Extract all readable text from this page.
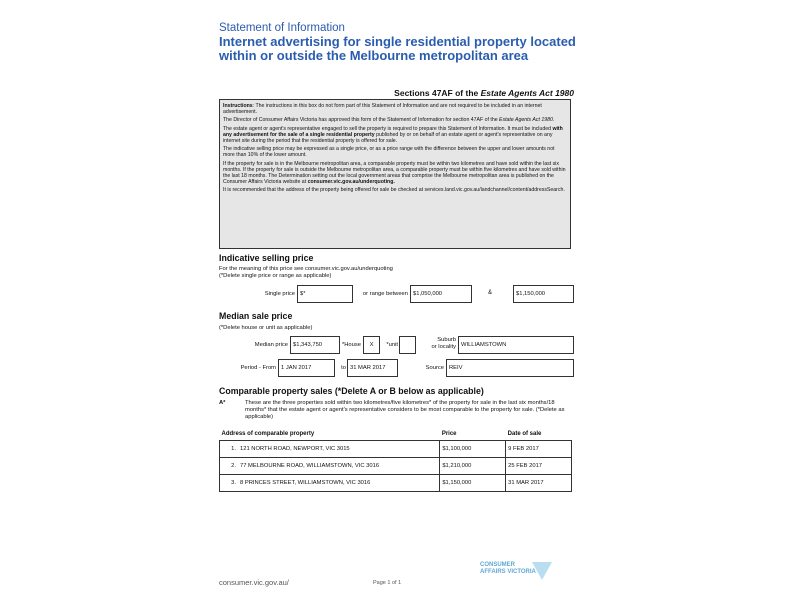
Statement of Information
Internet advertising for single residential property located within or outside the Melbourne metropolitan area
Sections 47AF of the Estate Agents Act 1980

Instructions: The instructions in this box do not form part of this Statement of Information and are not required to be included in an internet advertisement.

The Director of Consumer Affairs Victoria has approved this form of the Statement of Information for section 47AF of the Estate Agents Act 1980.

The estate agent or agent's representative engaged to sell the property is required to prepare this Statement of Information. It must be included with any advertisement for the sale of a single residential property published by or on behalf of an estate agent or agent's representative on any internet site during the period that the residential property is offered for sale.

The indicative selling price may be expressed as a single price, or as a price range with the difference between the upper and lower amounts not more than 10% of the lower amount.

If the property for sale is in the Melbourne metropolitan area, a comparable property must be within two kilometres and have sold within the last six months. If the property for sale is outside the Melbourne metropolitan area, a comparable property must be within five kilometres and have sold within the last 18 months. The Determination setting out the local government areas that comprise the Melbourne metropolitan area is published on the Consumer Affairs Victoria website at consumer.vic.gov.au/underquoting.

It is recommended that the address of the property being offered for sale be checked at services.land.vic.gov.au/landchannel/content/addressSearch.

Indicative selling price
For the meaning of this price see consumer.vic.gov.au/underquoting
(*Delete single price or range as applicable)
Single price $*	or range between $1,050,000	&	$1,150,000
Median sale price
(*Delete house or unit as applicable)
Median price $1,343,750	*House	X	*unit
Suburb
or locality WILLIAMSTOWN
Period - From 1 JAN 2017	to 31 MAR 2017	Source REIV
Comparable property sales (*Delete A or B below as applicable)
A*	These are the three properties sold within two kilometres/five kilometres* of the property for sale in the last six months/18 months* that the estate agent or agent's representative considers to be most comparable to the property for sale. (*Delete as applicable)
Address of comparable property	Price	Date of sale
1. 121 NORTH ROAD, NEWPORT, VIC 3015	$1,100,000	9 FEB 2017
2. 77 MELBOURNE ROAD, WILLIAMSTOWN, VIC 3016	$1,210,000	25 FEB 2017
3. 8 PRINCES STREET, WILLIAMSTOWN, VIC 3016	$1,150,000	31 MAR 2017
consumer.vic.gov.au/	Page 1 of 1
CONSUMER
AFFAIRS VICTORIA
